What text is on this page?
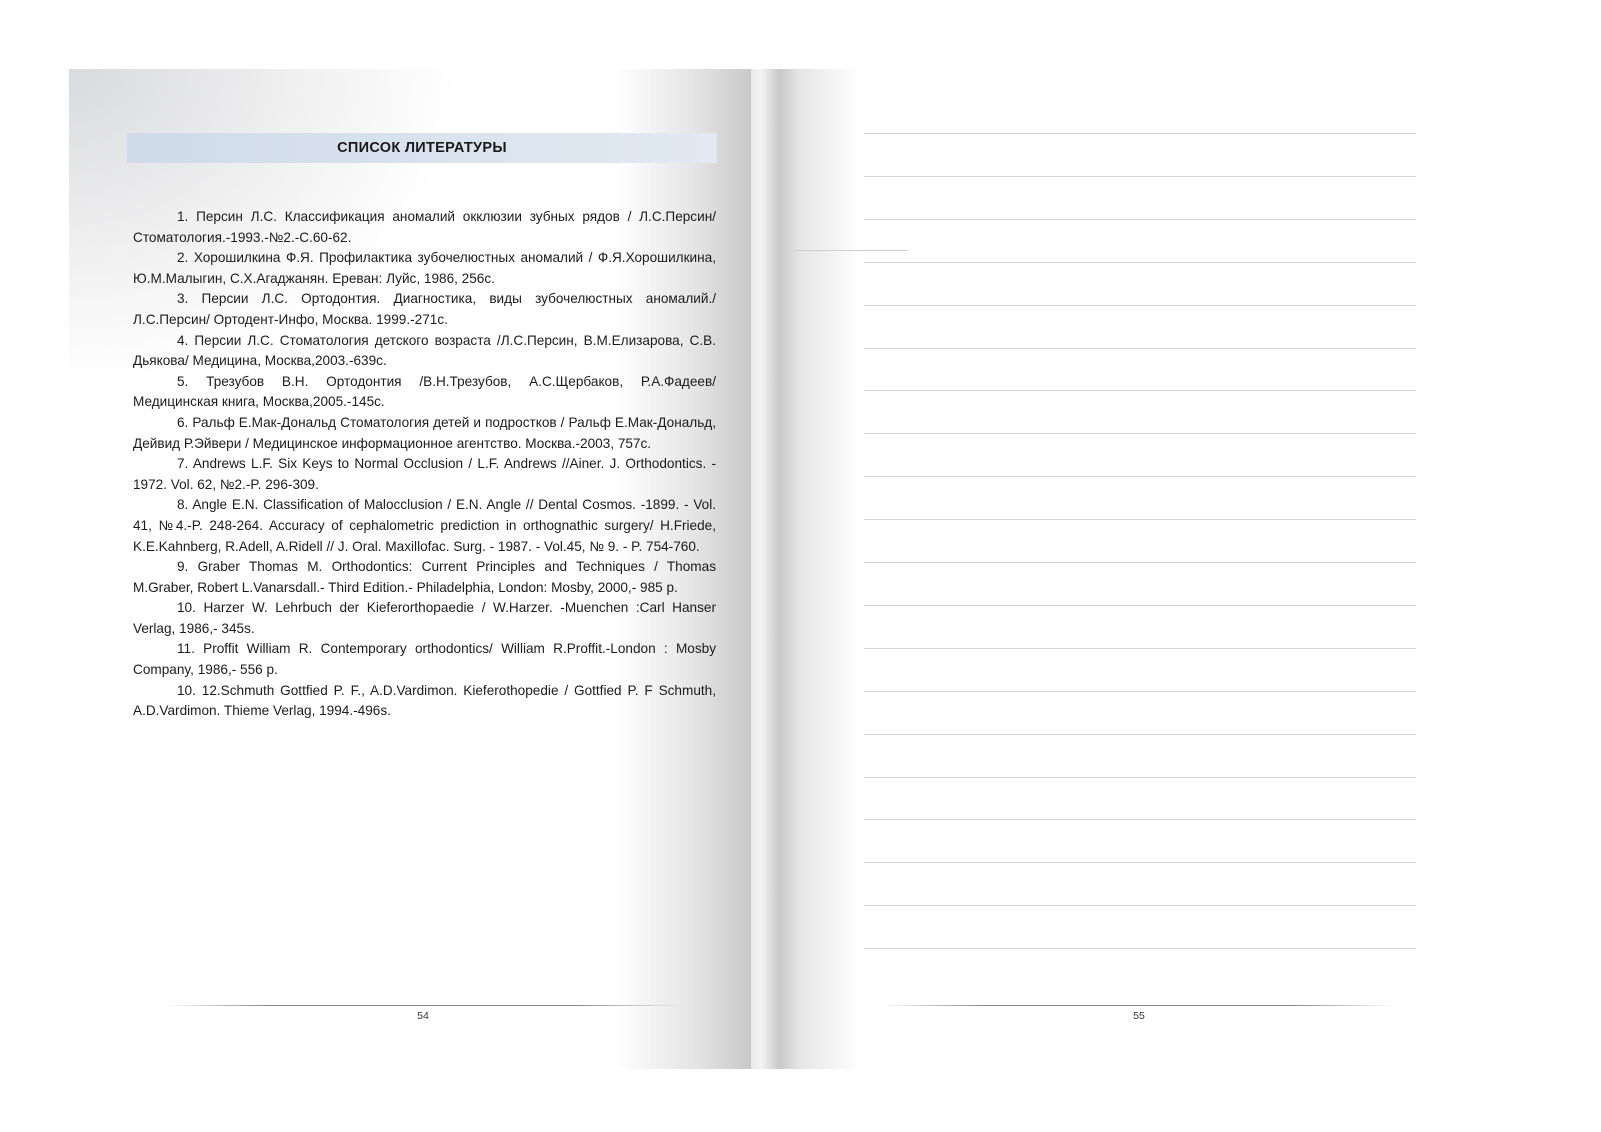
СПИСОК ЛИТЕРАТУРЫ
1. Персин Л.С. Классификация аномалий окклюзии зубных рядов / Л.С.Персин/ Стоматология.-1993.-№2.-С.60-62.
2. Хорошилкина Ф.Я. Профилактика зубочелюстных аномалий / Ф.Я.Хорошилкина, Ю.М.Малыгин, С.Х.Агаджанян. Ереван: Луйс, 1986, 256с.
3. Персии Л.С. Ортодонтия. Диагностика, виды зубочелюстных аномалий./ Л.С.Персин/ Ортодент-Инфо, Москва. 1999.-271с.
4. Персии Л.С. Стоматология детского возраста /Л.С.Персин, В.М.Елизарова, С.В. Дьякова/ Медицина, Москва,2003.-639с.
5. Трезубов В.Н. Ортодонтия /В.Н.Трезубов, А.С.Щербаков, Р.А.Фадеев/ Медицинская книга, Москва,2005.-145с.
6. Ральф Е.Мак-Дональд Стоматология детей и подростков / Ральф Е.Мак-Дональд, Дейвид Р.Эйвери / Медицинское информационное агентство. Москва.-2003, 757с.
7. Andrews L.F. Six Keys to Normal Occlusion / L.F. Andrews //Ainer. J. Orthodontics. - 1972. Vol. 62, №2.-P. 296-309.
8. Angle E.N. Classification of Malocclusion / E.N. Angle // Dental Cosmos. -1899. - Vol. 41, №4.-P. 248-264. Accuracy of cephalometric prediction in orthognathic surgery/ H.Friede, K.E.Kahnberg, R.Adell, A.Ridell // J. Oral. Maxillofac. Surg. - 1987. - Vol.45, № 9. - P. 754-760.
9. Graber Thomas M. Orthodontics: Current Principles and Techniques / Thomas M.Graber, Robert L.Vanarsdall.- Third Edition.- Philadelphia, London: Mosby, 2000,- 985 p.
10. Harzer W. Lehrbuch der Kieferorthopaedie / W.Harzer. -Muenchen :Carl Hanser Verlag, 1986,- 345s.
11. Proffit William R. Contemporary orthodontics/ William R.Proffit.-London : Mosby Company, 1986,- 556 p.
10. 12.Schmuth Gottfied P. F., A.D.Vardimon. Kieferothopedie / Gottfied P. F Schmuth, A.D.Vardimon. Thieme Verlag, 1994.-496s.
54	55
